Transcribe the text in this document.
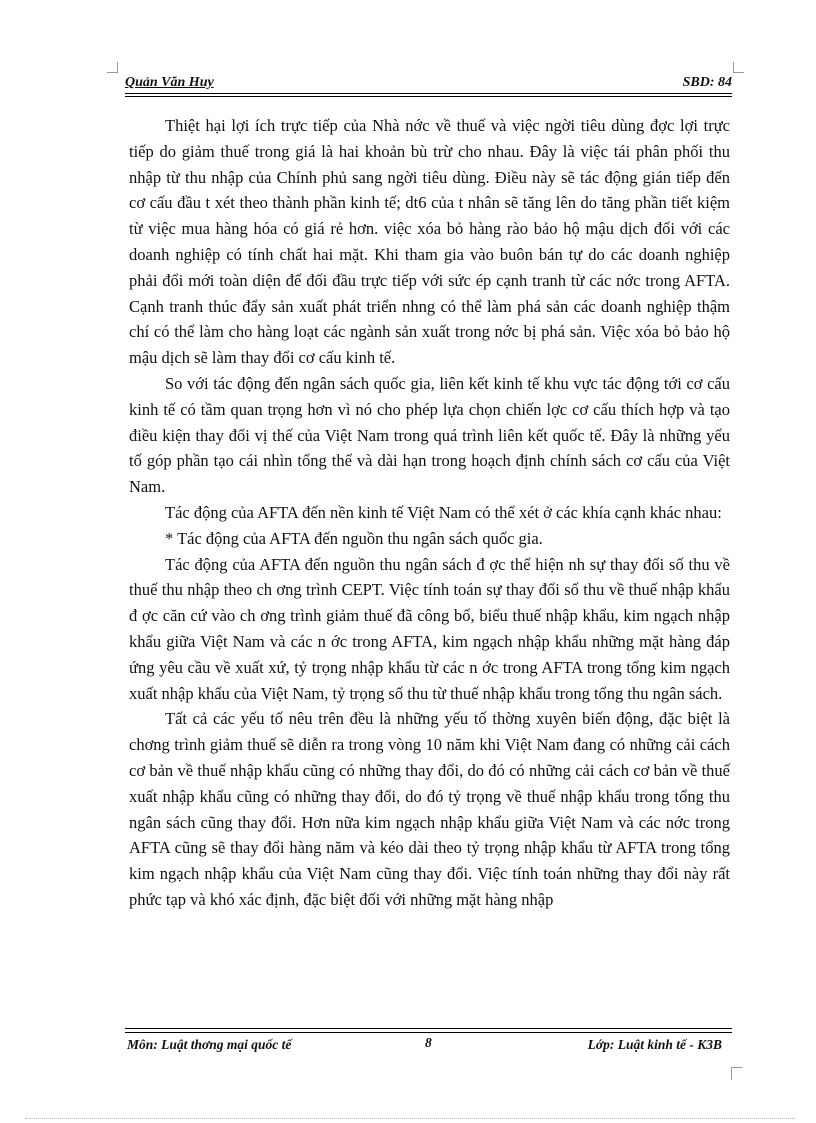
Quản Văn Huy	SBD: 84

Thiệt hại lợi ích trực tiếp của Nhà nớc về thuế và việc ngời tiêu dùng đợc lợi trực tiếp do giảm thuế trong giá là hai khoản bù trừ cho nhau. Đây là việc tái phân phối thu nhập từ thu nhập của Chính phủ sang ngời tiêu dùng. Điều này sẽ tác động gián tiếp đến cơ cấu đầu t xét theo thành phần kinh tế; dt6 của t nhân sẽ tăng lên do tăng phần tiết kiệm từ việc mua hàng hóa có giá rẻ hơn. việc xóa bỏ hàng rào bảo hộ mậu dịch đối với các doanh nghiệp có tính chất hai mặt. Khi tham gia vào buôn bán tự do các doanh nghiệp phải đổi mới toàn diện để đối đầu trực tiếp với sức ép cạnh tranh từ các nớc trong AFTA. Cạnh tranh thúc đẩy sản xuất phát triển nhng có thể làm phá sản các doanh nghiệp thậm chí có thể làm cho hàng loạt các ngành sản xuất trong nớc bị phá sản. Việc xóa bỏ bảo hộ mậu dịch sẽ làm thay đổi cơ cấu kinh tế.

So với tác động đến ngân sách quốc gia, liên kết kinh tế khu vực tác động tới cơ cấu kinh tế có tầm quan trọng hơn vì nó cho phép lựa chọn chiến lợc cơ cấu thích hợp và tạo điều kiện thay đổi vị thế của Việt Nam trong quá trình liên kết quốc tế. Đây là những yếu tố góp phần tạo cái nhìn tổng thể và dài hạn trong hoạch định chính sách cơ cấu của Việt Nam.

Tác động của AFTA đến nền kinh tế Việt Nam có thể xét ở các khía cạnh khác nhau:

* Tác động của AFTA đến nguồn thu ngân sách quốc gia.

Tác động của AFTA đến nguồn thu ngân sách đ ợc thể hiện nh sự thay đổi số thu về thuế thu nhập theo ch ơng trình CEPT. Việc tính toán sự thay đổi số thu về thuế nhập khẩu đ ợc căn cứ vào ch ơng trình giảm thuế đã công bố, biểu thuế nhập khẩu, kim ngạch nhập khẩu giữa Việt Nam và các n ớc trong AFTA, kim ngạch nhập khẩu những mặt hàng đáp ứng yêu cầu về xuất xứ, tỷ trọng nhập khẩu từ các n ớc trong AFTA trong tổng kim ngạch xuất nhập khẩu của Việt Nam, tỷ trọng số thu từ thuế nhập khẩu trong tổng thu ngân sách.

Tất cả các yếu tố nêu trên đều là những yếu tố thờng xuyên biến động, đặc biệt là chơng trình giảm thuế sẽ diễn ra trong vòng 10 năm khi Việt Nam đang có những cải cách cơ bản về thuế nhập khẩu cũng có những thay đổi, do đó có những cải cách cơ bản về thuế xuất nhập khẩu cũng có những thay đổi, do đó tỷ trọng về thuế nhập khẩu trong tổng thu ngân sách cũng thay đổi. Hơn nữa kim ngạch nhập khẩu giữa Việt Nam và các nớc trong AFTA cũng sẽ thay đổi hàng năm và kéo dài theo tỷ trọng nhập khẩu từ AFTA trong tổng kim ngạch nhập khẩu của Việt Nam cũng thay đổi. Việc tính toán những thay đổi này rất phức tạp và khó xác định, đặc biệt đối với những mặt hàng nhập

Môn: Luật thơng mại quốc tế	8	Lớp: Luật kinh tế - K3B
